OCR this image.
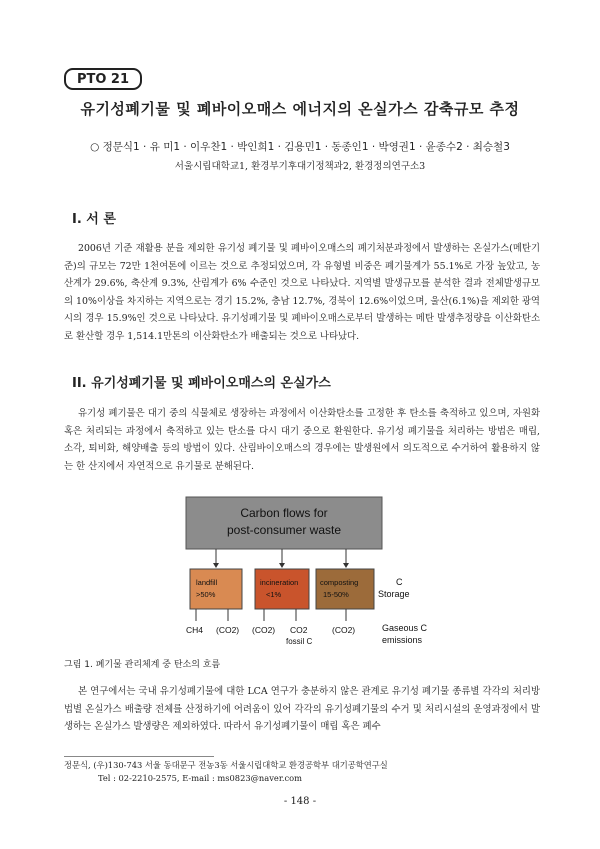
PTO 21
유기성폐기물 및 폐바이오매스 에너지의 온실가스 감축규모 추정
○ 정문식1 · 유 미1 · 이우찬1 · 박인희1 · 김용민1 · 동종인1 · 박영권1 · 윤종수2 · 최승철3
서울시립대학교1, 환경부기후대기정책과2, 환경정의연구소3
I. 서 론

2006년 기준 재활용 분을 제외한 유기성 폐기물 및 폐바이오매스의 폐기처분과정에서 발생하는 온실가스(메탄기준)의 규모는 72만 1천여톤에 이르는 것으로 추정되었으며, 각 유형별 비중은 폐기물계가 55.1%로 가장 높았고, 농산계가 29.6%, 축산계 9.3%, 산림계가 6% 수준인 것으로 나타났다. 지역별 발생규모를 분석한 결과 전체발생규모의 10%이상을 차지하는 지역으로는 경기 15.2%, 충남 12.7%, 경북이 12.6%이었으며, 울산(6.1%)을 제외한 광역시의 경우 15.9%인 것으로 나타났다. 유기성폐기물 및 폐바이오매스로부터 발생하는 메탄 발생추정량을 이산화탄소로 환산할 경우 1,514.1만톤의 이산화탄소가 배출되는 것으로 나타났다.

II. 유기성폐기물 및 폐바이오매스의 온실가스

유기성 폐기물은 대기 중의 식물체로 생장하는 과정에서 이산화탄소를 고정한 후 탄소를 축적하고 있으며, 자원화 혹은 처리되는 과정에서 축적하고 있는 탄소를 다시 대기 중으로 환원한다. 유기성 폐기물을 처리하는 방법은 매립, 소각, 퇴비화, 해양배출 등의 방법이 있다. 산림바이오매스의 경우에는 발생원에서 의도적으로 수거하여 활용하지 않는 한 산지에서 자연적으로 유기물로 분해된다.

Carbon flows for
post-consumer waste
landfill
>50%
incineration
<1%
composting
15-50%
C
Storage
CH4 (CO2) (CO2) CO2
fossil C
(CO2)	Gaseous C
emissions
그림 1. 폐기물 관리체계 중 탄소의 흐름

본 연구에서는 국내 유기성폐기물에 대한 LCA 연구가 충분하지 않은 관계로 유기성 폐기물 종류별 각각의 처리방법별 온실가스 배출량 전체를 산정하기에 어려움이 있어 각각의 유기성폐기물의 수거 및 처리시설의 운영과정에서 발생하는 온실가스 발생량은 제외하였다. 따라서 유기성폐기물이 매립 혹은 폐수

정문식, (우)130-743 서울 동대문구 전농3동 서울시립대학교 환경공학부 대기공학연구실
Tel : 02-2210-2575, E-mail : ms0823@naver.com
- 148 -
